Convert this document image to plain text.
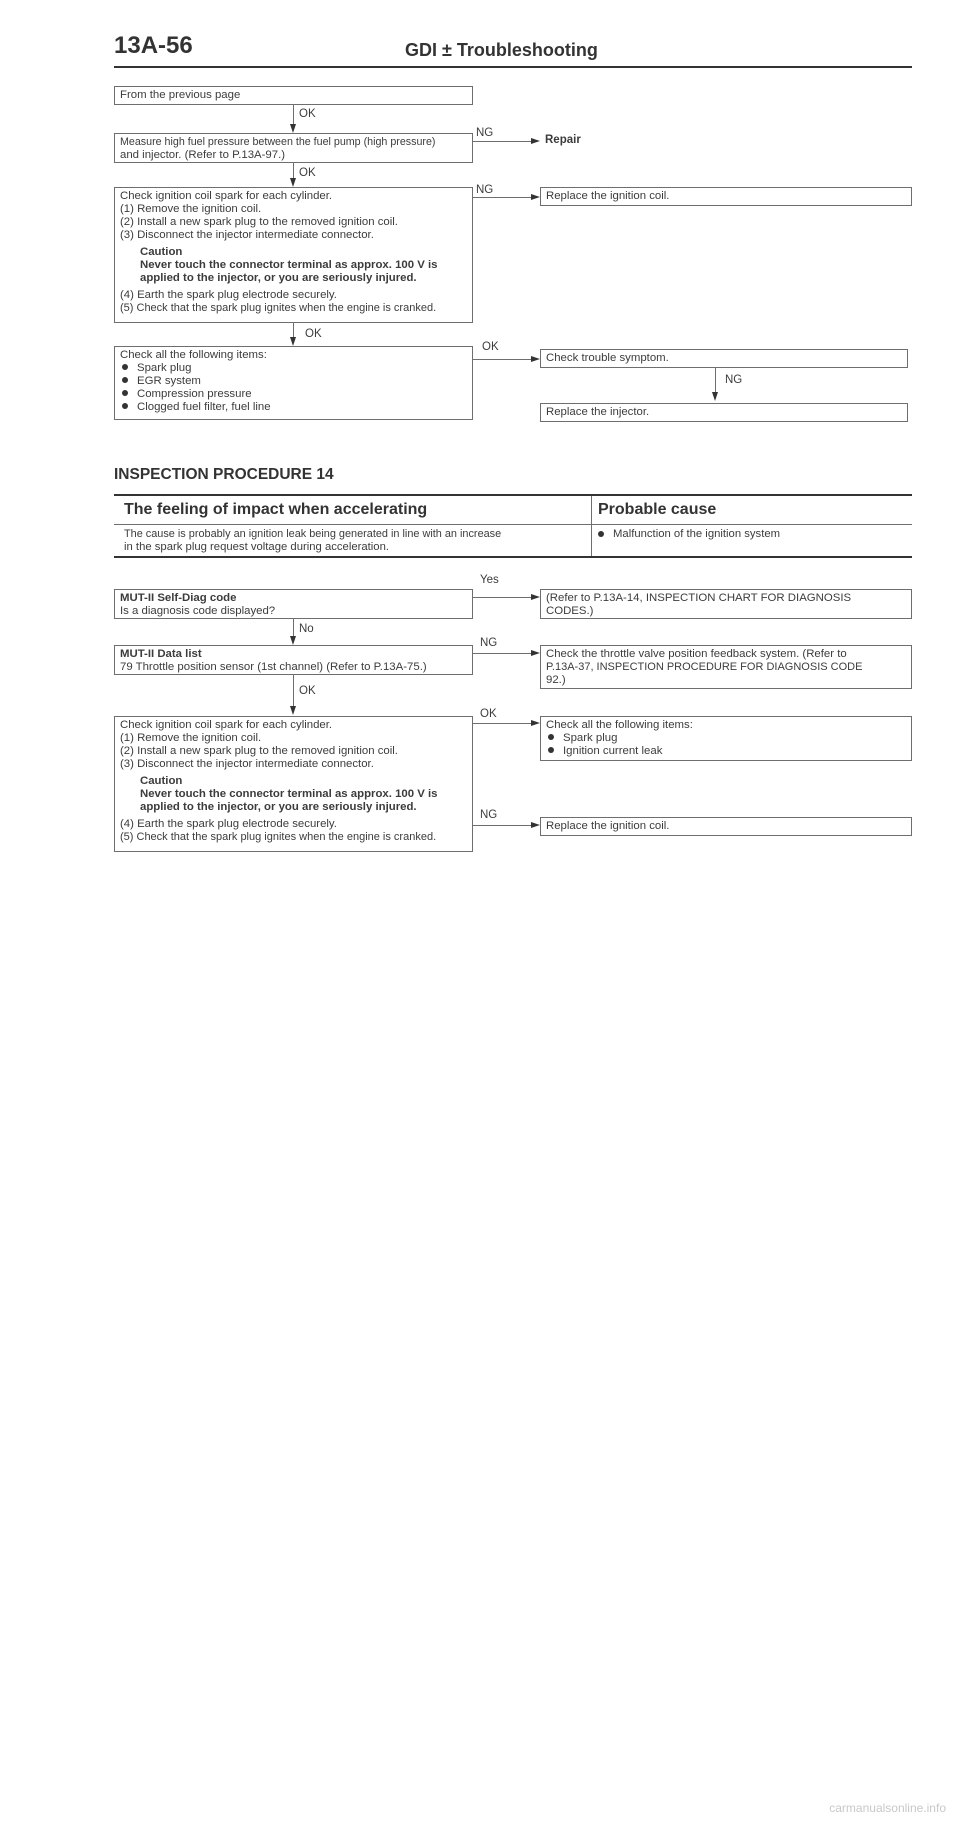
13A-56	GDI ± Troubleshooting
From the previous page
OK
Measure high fuel pressure between the fuel pump (high pressure)
and injector. (Refer to P.13A-97.)
NG
Repair
OK
Check ignition coil spark for each cylinder.
(1) Remove the ignition coil.
(2) Install a new spark plug to the removed ignition coil.
(3) Disconnect the injector intermediate connector.
Caution
Never touch the connector terminal as approx. 100 V is
applied to the injector, or you are seriously injured.
(4) Earth the spark plug electrode securely.
(5) Check that the spark plug ignites when the engine is cranked.
NG	Replace the ignition coil.
OK
Check all the following items:
Spark plug
EGR system
Compression pressure
Clogged fuel filter, fuel line
OK
Check trouble symptom.
NG
Replace the injector.
INSPECTION PROCEDURE 14
The feeling of impact when accelerating	Probable cause
The cause is probably an ignition leak being generated in line with an increase
in the spark plug request voltage during acceleration.
Malfunction of the ignition system
MUT-II Self-Diag code
Is a diagnosis code displayed?
Yes
(Refer to P.13A-14, INSPECTION CHART FOR DIAGNOSIS
CODES.)
No
MUT-II Data list
79 Throttle position sensor (1st channel) (Refer to P.13A-75.)
NG
Check the throttle valve position feedback system. (Refer to
P.13A-37, INSPECTION PROCEDURE FOR DIAGNOSIS CODE
92.)
OK
Check ignition coil spark for each cylinder.
(1) Remove the ignition coil.
(2) Install a new spark plug to the removed ignition coil.
(3) Disconnect the injector intermediate connector.
Caution
Never touch the connector terminal as approx. 100 V is
applied to the injector, or you are seriously injured.
(4) Earth the spark plug electrode securely.
(5) Check that the spark plug ignites when the engine is cranked.
OK
Check all the following items:
Spark plug
Ignition current leak
NG
Replace the ignition coil.
carmanualsonline.info
